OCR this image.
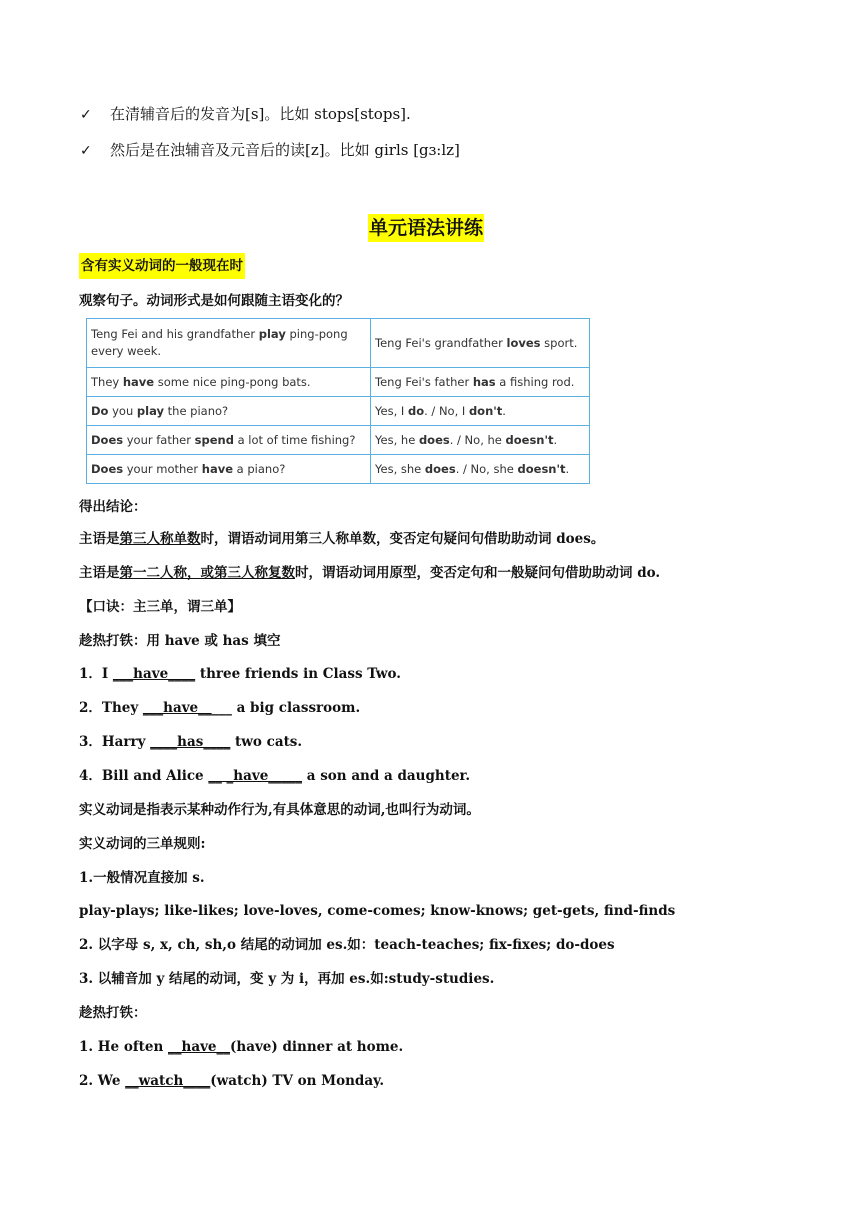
✓ 在清辅音后的发音为[s]。比如 stops[stops].
✓ 然后是在浊辅音及元音后的读[z]。比如 girls [gɜ:lz]
单元语法讲练
含有实义动词的一般现在时
观察句子。动词形式是如何跟随主语变化的？
Teng Fei and his grandfather play ping-pong every week.	Teng Fei's grandfather loves sport.
They have some nice ping-pong bats.	Teng Fei's father has a fishing rod.
Do you play the piano?	Yes, I do. / No, I don't.
Does your father spend a lot of time fishing?	Yes, he does. / No, he doesn't.
Does your mother have a piano?	Yes, she does. / No, she doesn't.
得出结论：
主语是第三人称单数时，谓语动词用第三人称单数，变否定句疑问句借助助动词 does。
主语是第一二人称，或第三人称复数时，谓语动词用原型，变否定句和一般疑问句借助助动词 do.
【口诀：主三单，谓三单】
趁热打铁：用 have 或 has 填空
1．I ___have____ three friends in Class Two.
2．They ___have_____ a big classroom.
3．Harry ____has____ two cats.
4．Bill and Alice __ _have_____ a son and a daughter.
实义动词是指表示某种动作行为,有具体意思的动词,也叫行为动词。
实义动词的三单规则:
1.一般情况直接加 s.
play-plays; like-likes; love-loves, come-comes; know-knows; get-gets, find-finds
2. 以字母 s, x, ch, sh,o 结尾的动词加 es.如：teach-teaches; fix-fixes; do-does
3. 以辅音加 y 结尾的动词，变 y 为 i，再加 es.如:study-studies.
趁热打铁：
1. He often __have__(have) dinner at home.
2. We __watch____(watch) TV on Monday.
